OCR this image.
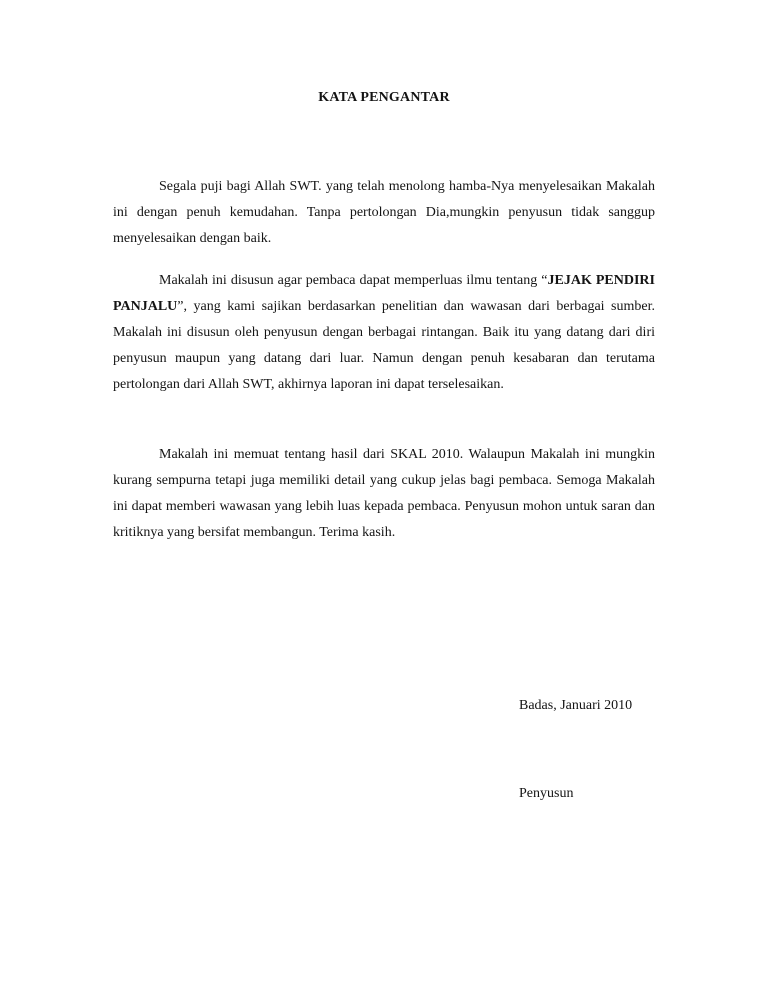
KATA PENGANTAR

Segala puji bagi Allah SWT. yang telah menolong hamba-Nya menyelesaikan Makalah ini dengan penuh kemudahan. Tanpa pertolongan Dia,mungkin penyusun tidak sanggup menyelesaikan dengan baik.

Makalah ini disusun agar pembaca dapat memperluas ilmu tentang “JEJAK PENDIRI PANJALU”, yang kami sajikan berdasarkan penelitian dan wawasan dari berbagai sumber. Makalah ini disusun oleh penyusun dengan berbagai rintangan. Baik itu yang datang dari diri penyusun maupun yang datang dari luar. Namun dengan penuh kesabaran dan terutama pertolongan dari Allah SWT, akhirnya laporan ini dapat terselesaikan.

Makalah ini memuat tentang hasil dari SKAL 2010. Walaupun Makalah ini mungkin kurang sempurna tetapi juga memiliki detail yang cukup jelas bagi pembaca. Semoga Makalah ini dapat memberi wawasan yang lebih luas kepada pembaca. Penyusun mohon untuk saran dan kritiknya yang bersifat membangun. Terima kasih.

Badas, Januari 2010
Penyusun
